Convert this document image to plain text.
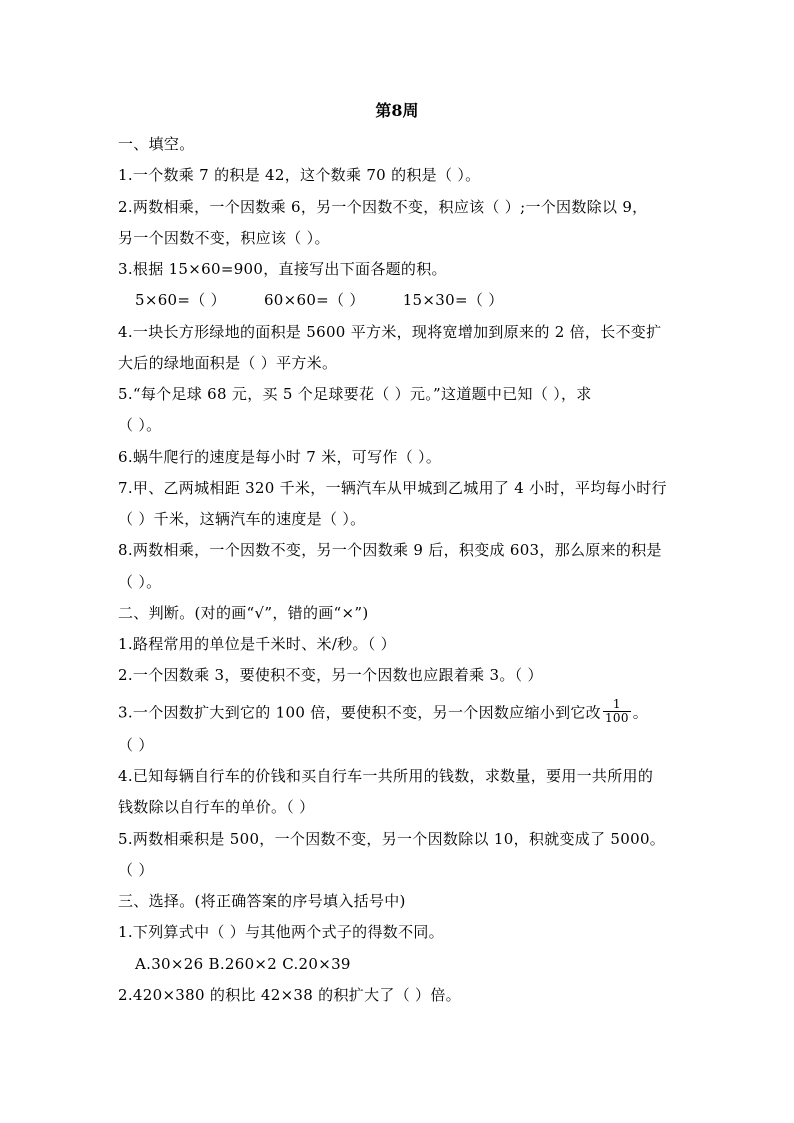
第8周
一、填空。
1.一个数乘 7 的积是 42，这个数乘 70 的积是（ ）。
2.两数相乘，一个因数乘 6，另一个因数不变，积应该（ ）;一个因数除以 9，
另一个因数不变，积应该（ ）。
3.根据 15×60=900，直接写出下面各题的积。
5×60=（ ）	60×60=（ ）	15×30=（ ）
4.一块长方形绿地的面积是 5600 平方米，现将宽增加到原来的 2 倍，长不变扩
大后的绿地面积是（ ）平方米。
5.“每个足球 68 元，买 5 个足球要花（ ）元。”这道题中已知（ ），求
（ ）。
6.蜗牛爬行的速度是每小时 7 米，可写作（ ）。
7.甲、乙两城相距 320 千米，一辆汽车从甲城到乙城用了 4 小时，平均每小时行
（ ）千米，这辆汽车的速度是（ ）。
8.两数相乘，一个因数不变，另一个因数乘 9 后，积变成 603，那么原来的积是
（ ）。
二、判断。(对的画“√”，错的画“×”)
1.路程常用的单位是千米时、米/秒。（ ）
2.一个因数乘 3，要使积不变，另一个因数也应跟着乘 3。（ ）
3.一个因数扩大到它的 100 倍，要使积不变，另一个因数应缩小到它改 $\frac{1}{100}$ 。
（ ）
4.已知每辆自行车的价钱和买自行车一共所用的钱数，求数量，要用一共所用的
钱数除以自行车的单价。（ ）
5.两数相乘积是 500，一个因数不变，另一个因数除以 10，积就变成了 5000。
（ ）
三、选择。(将正确答案的序号填入括号中)
1.下列算式中（ ）与其他两个式子的得数不同。
A.30×26 B.260×2 C.20×39
2.420×380 的积比 42×38 的积扩大了（ ）倍。
